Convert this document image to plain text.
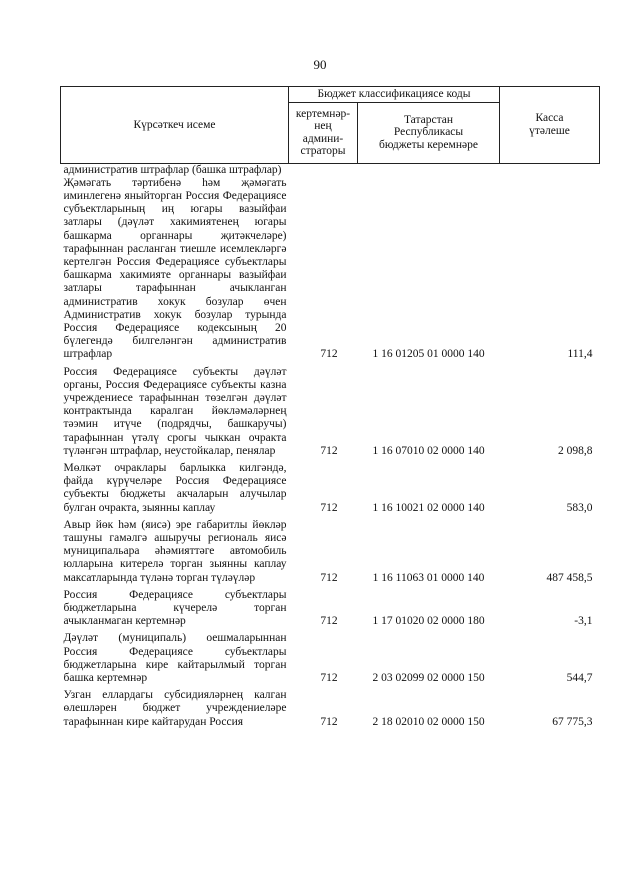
90
Күрсәткеч исеме	Бюджет классификациясе коды		Касса
үтәлеше
	кертемнәр-
нең
админи-
страторы	Татарстан
Республикасы
бюджеты керемнәре	
административ штрафлар (башка штрафлар)			
Җәмәгать тәртибенә һәм җәмәгать иминлегенә яныйторган Россия Федерациясе субъектларының иң югары вазыйфаи затлары (дәүләт хакимиятенең югары башкарма органнары җитәкчеләре) тарафыннан расланган тиешле исемлекләргә кертелгән Россия Федерациясе субъектлары башкарма хакимияте органнары вазыйфаи затлары тарафыннан ачыкланган административ хокук бозулар өчен Административ хокук бозулар турында Россия Федерациясе кодексының 20 бүлегендә билгеләнгән административ штрафлар	712	1 16 01205 01 0000 140	111,4
Россия Федерациясе субъекты дәүләт органы, Россия Федерациясе субъекты казна учреждениесе тарафыннан төзелгән дәүләт контрактында каралган йөкләмәләрнең тәэмин итүче (подрядчы, башкаручы) тарафыннан үтәлү срогы чыккан очракта түләнгән штрафлар, неустойкалар, пенялар	712	1 16 07010 02 0000 140	2 098,8
Мөлкәт очраклары барлыкка килгәндә, файда күрүчеләре Россия Федерациясе субъекты бюджеты акчаларын алучылар булган очракта, зыянны каплау	712	1 16 10021 02 0000 140	583,0
Авыр йөк һәм (яисә) эре габаритлы йөкләр ташуны гамәлгә ашыручы региональ яисә муниципальара әһәмияттәге автомобиль юлларына китерелә торган зыянны каплау максатларында түләнә торган түләүләр	712	1 16 11063 01 0000 140	487 458,5
Россия Федерациясе субъектлары бюджетларына күчерелә торган ачыкланмаган кертемнәр	712	1 17 01020 02 0000 180	-3,1
Дәүләт (муниципаль) оешмаларыннан Россия Федерациясе субъектлары бюджетларына кире кайтарылмый торган башка кертемнәр	712	2 03 02099 02 0000 150	544,7
Узган еллардагы субсидияләрнең калган өлешләрен бюджет учреждениеләре тарафыннан кире кайтарудан Россия	712	2 18 02010 02 0000 150	67 775,3
